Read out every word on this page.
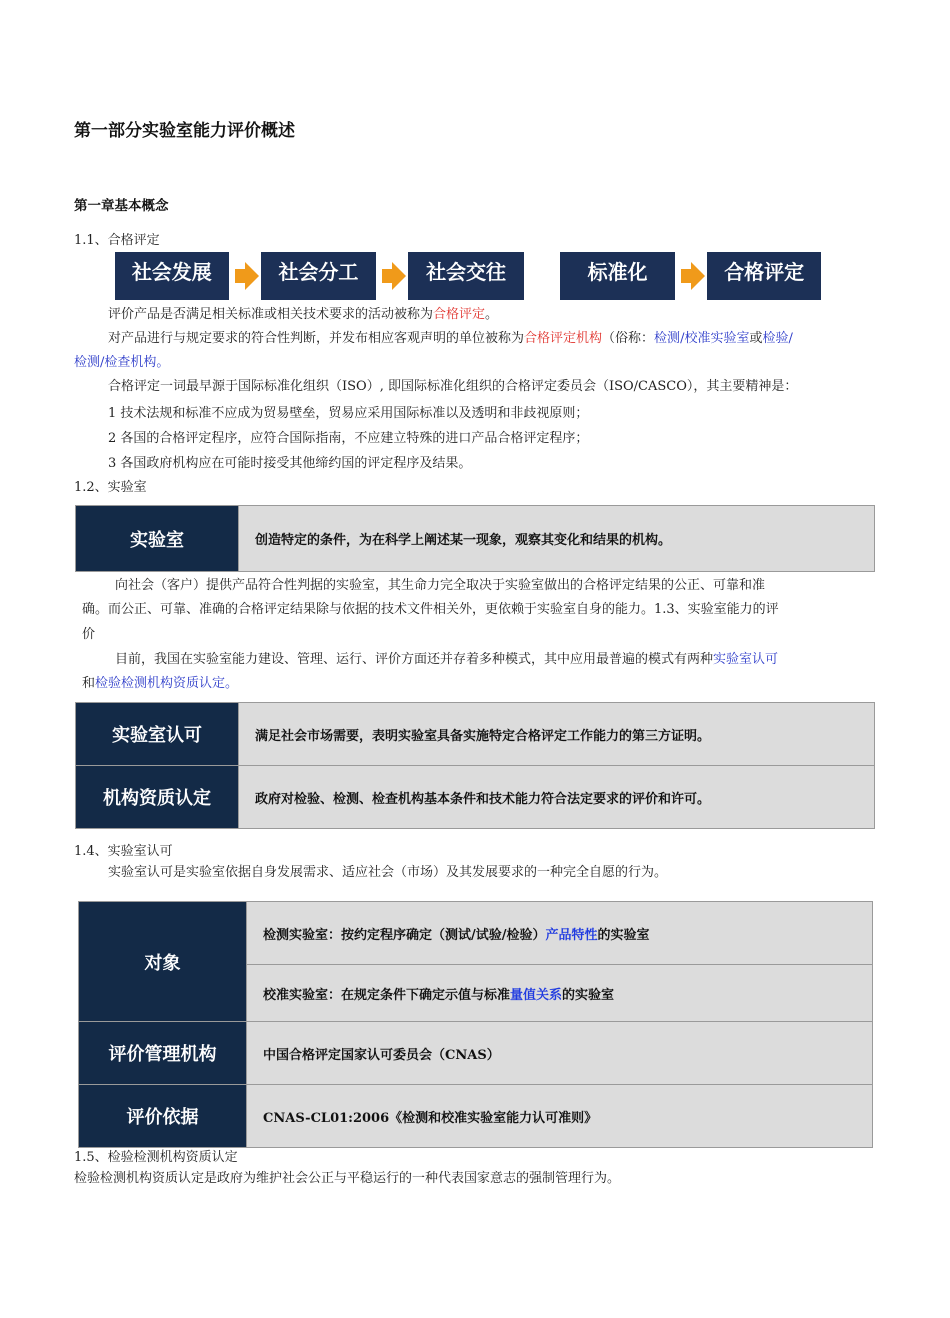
第一部分实验室能力评价概述
第一章基本概念
1.1、合格评定
社会发展	社会分工	社会交往	标准化	合格评定
评价产品是否满足相关标准或相关技术要求的活动被称为合格评定。
对产品进行与规定要求的符合性判断，并发布相应客观声明的单位被称为合格评定机构（俗称：检测/校准实验室或检验/
检测/检查机构。
合格评定一词最早源于国际标准化组织（ISO）, 即国际标准化组织的合格评定委员会（ISO/CASCO），其主要精神是：
1 技术法规和标准不应成为贸易壁垒，贸易应采用国际标准以及透明和非歧视原则；
2 各国的合格评定程序，应符合国际指南，不应建立特殊的进口产品合格评定程序；
3 各国政府机构应在可能时接受其他缔约国的评定程序及结果。
1.2、实验室
实验室	创造特定的条件，为在科学上阐述某一现象，观察其变化和结果的机构。
向社会（客户）提供产品符合性判据的实验室，其生命力完全取决于实验室做出的合格评定结果的公正、可靠和准
确。而公正、可靠、准确的合格评定结果除与依据的技术文件相关外，更依赖于实验室自身的能力。1.3、实验室能力的评
价
目前，我国在实验室能力建设、管理、运行、评价方面还并存着多种模式，其中应用最普遍的模式有两种实验室认可
和检验检测机构资质认定。
实验室认可	满足社会市场需要，表明实验室具备实施特定合格评定工作能力的第三方证明。
机构资质认定	政府对检验、检测、检查机构基本条件和技术能力符合法定要求的评价和许可。
1.4、实验室认可
实验室认可是实验室依据自身发展需求、适应社会（市场）及其发展要求的一种完全自愿的行为。
对象	检测实验室：按约定程序确定（测试/试验/检验）产品特性的实验室
	校准实验室：在规定条件下确定示值与标准量值关系的实验室
评价管理机构	中国合格评定国家认可委员会（CNAS）
评价依据	CNAS-CL01:2006《检测和校准实验室能力认可准则》
1.5、检验检测机构资质认定
检验检测机构资质认定是政府为维护社会公正与平稳运行的一种代表国家意志的强制管理行为。
